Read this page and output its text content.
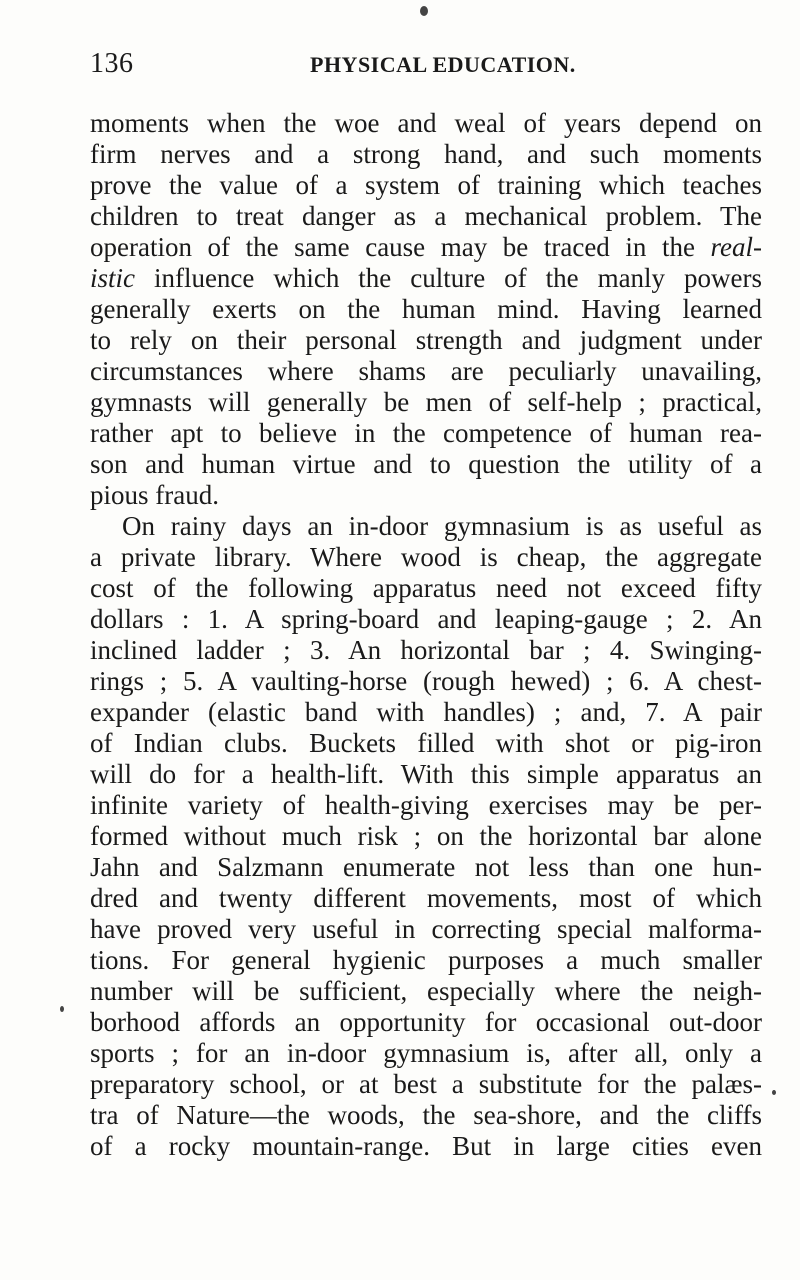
136	PHYSICAL EDUCATION.
moments when the woe and weal of years depend on
firm nerves and a strong hand, and such moments
prove the value of a system of training which teaches
children to treat danger as a mechanical problem. The
operation of the same cause may be traced in the real-
istic influence which the culture of the manly powers
generally exerts on the human mind. Having learned
to rely on their personal strength and judgment under
circumstances where shams are peculiarly unavailing,
gymnasts will generally be men of self-help ; practical,
rather apt to believe in the competence of human rea-
son and human virtue and to question the utility of a
pious fraud.
On rainy days an in-door gymnasium is as useful as
a private library. Where wood is cheap, the aggregate
cost of the following apparatus need not exceed fifty
dollars : 1. A spring-board and leaping-gauge ; 2. An
inclined ladder ; 3. An horizontal bar ; 4. Swinging-
rings ; 5. A vaulting-horse (rough hewed) ; 6. A chest-
expander (elastic band with handles) ; and, 7. A pair
of Indian clubs. Buckets filled with shot or pig-iron
will do for a health-lift. With this simple apparatus an
infinite variety of health-giving exercises may be per-
formed without much risk ; on the horizontal bar alone
Jahn and Salzmann enumerate not less than one hun-
dred and twenty different movements, most of which
have proved very useful in correcting special malforma-
tions. For general hygienic purposes a much smaller
number will be sufficient, especially where the neigh-
borhood affords an opportunity for occasional out-door
sports ; for an in-door gymnasium is, after all, only a
preparatory school, or at best a substitute for the palæs-
tra of Nature—the woods, the sea-shore, and the cliffs
of a rocky mountain-range. But in large cities even
